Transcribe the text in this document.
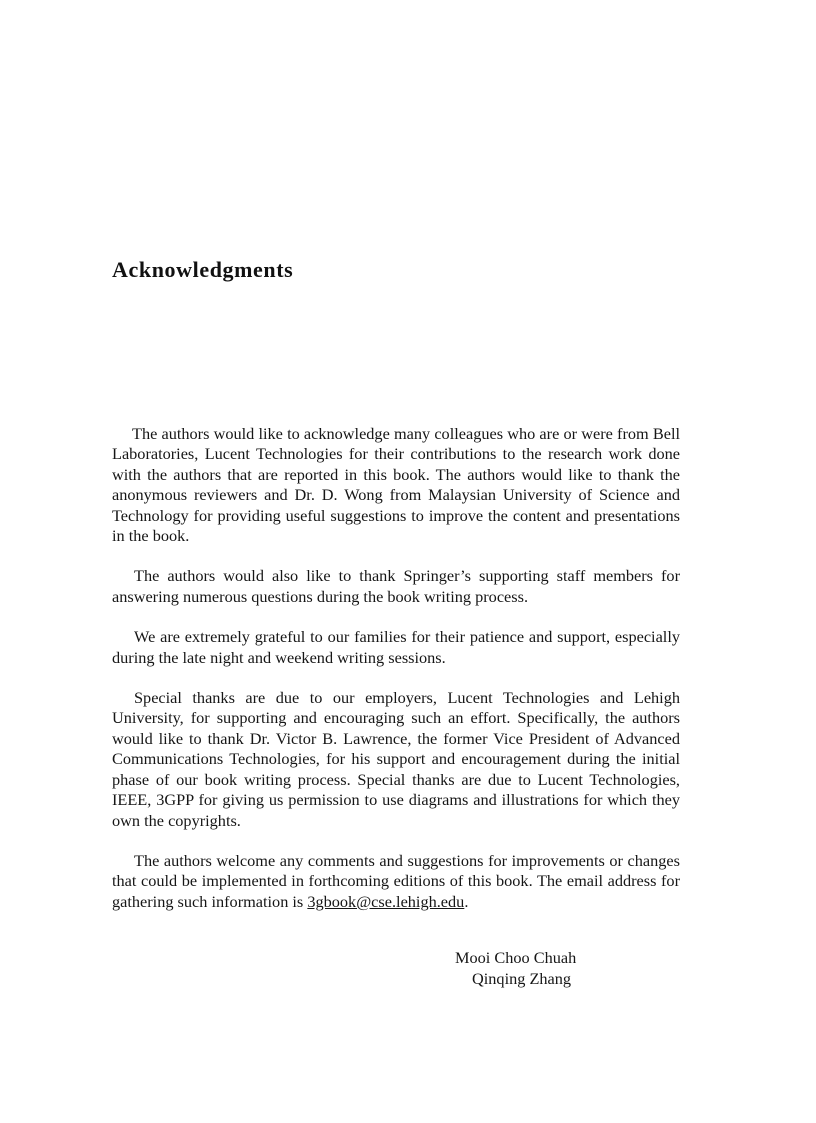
Acknowledgments

The authors would like to acknowledge many colleagues who are or were from Bell Laboratories, Lucent Technologies for their contributions to the research work done with the authors that are reported in this book. The authors would like to thank the anonymous reviewers and Dr. D. Wong from Malaysian University of Science and Technology for providing useful suggestions to improve the content and presentations in the book.

The authors would also like to thank Springer’s supporting staff members for answering numerous questions during the book writing process.

We are extremely grateful to our families for their patience and support, especially during the late night and weekend writing sessions.

Special thanks are due to our employers, Lucent Technologies and Lehigh University, for supporting and encouraging such an effort. Specifically, the authors would like to thank Dr. Victor B. Lawrence, the former Vice President of Advanced Communications Technologies, for his support and encouragement during the initial phase of our book writing process. Special thanks are due to Lucent Technologies, IEEE, 3GPP for giving us permission to use diagrams and illustrations for which they own the copyrights.

The authors welcome any comments and suggestions for improvements or changes that could be implemented in forthcoming editions of this book. The email address for gathering such information is 3gbook@cse.lehigh.edu.

Mooi Choo Chuah
Qinqing Zhang
